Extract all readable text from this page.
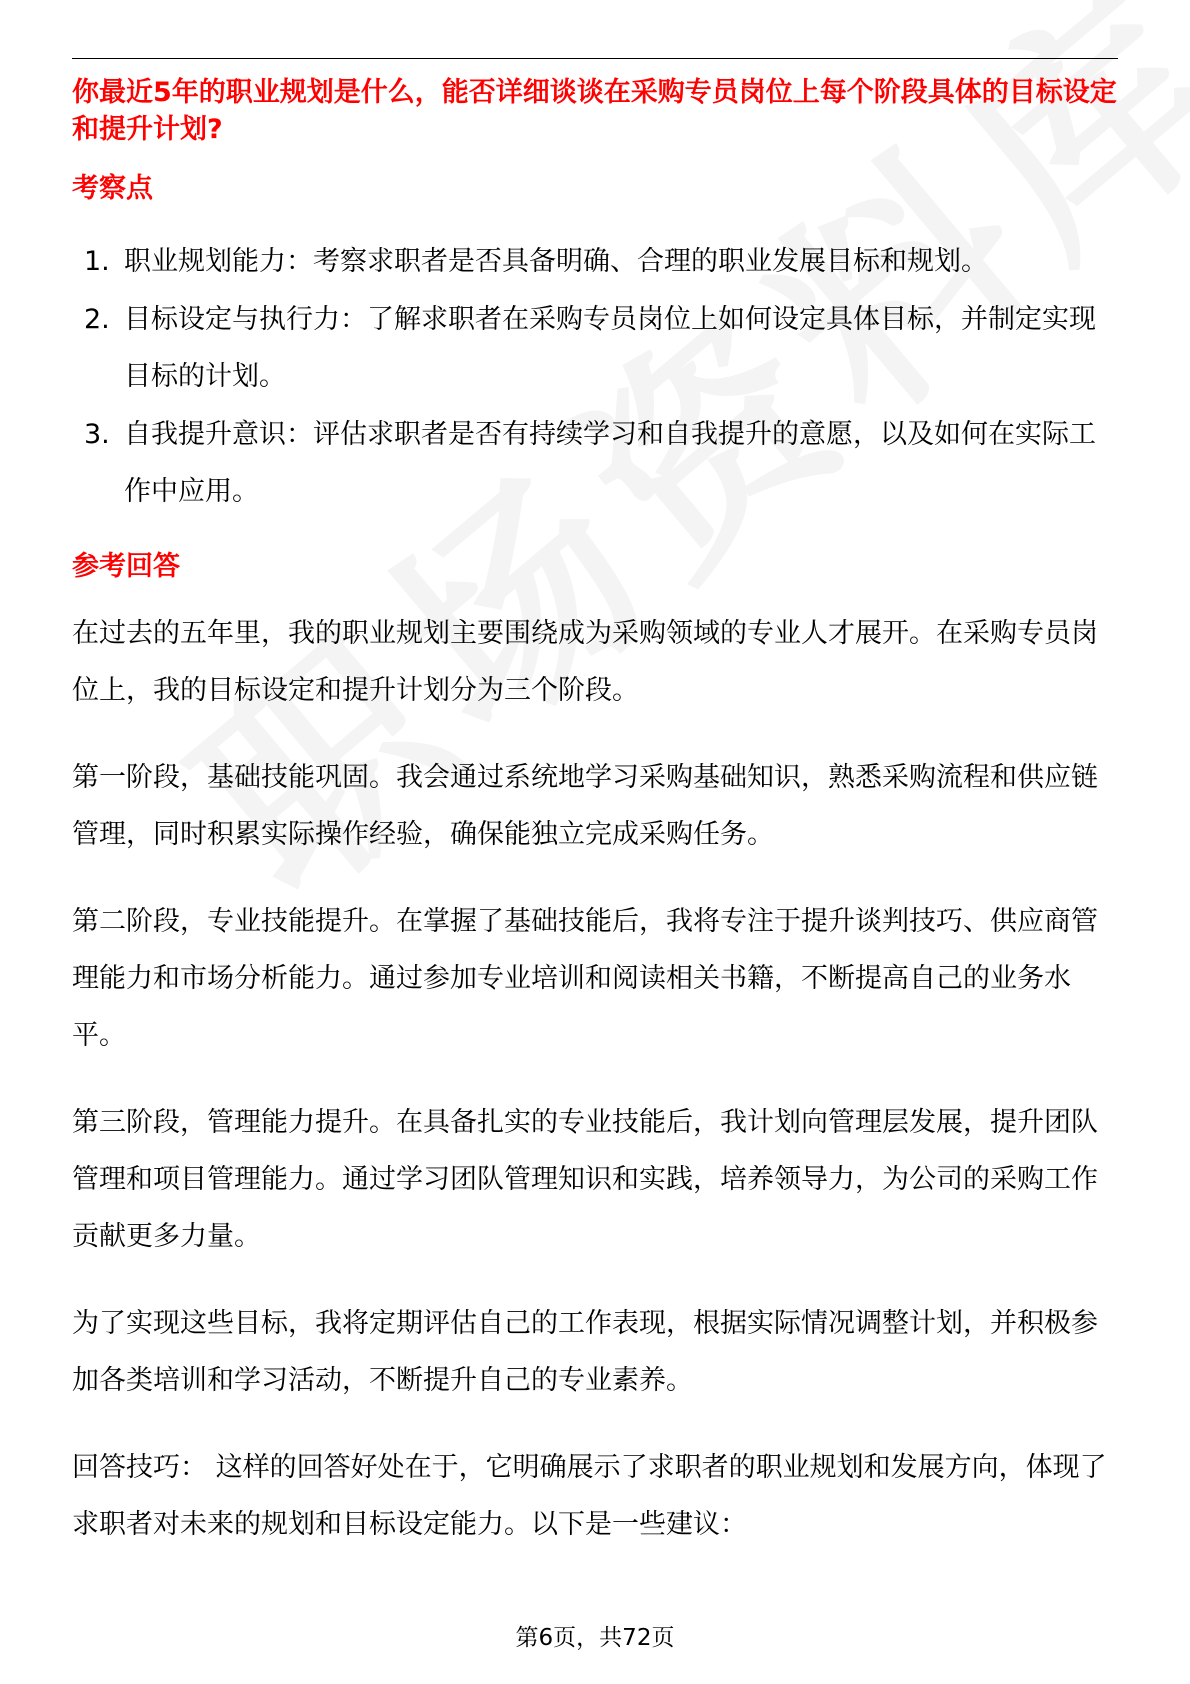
你最近5年的职业规划是什么，能否详细谈谈在采购专员岗位上每个阶段具体的目标设定和提升计划?

考察点

1. 职业规划能力：考察求职者是否具备明确、合理的职业发展目标和规划。
2. 目标设定与执行力：了解求职者在采购专员岗位上如何设定具体目标，并制定实现目标的计划。
3. 自我提升意识：评估求职者是否有持续学习和自我提升的意愿，以及如何在实际工作中应用。

参考回答

在过去的五年里，我的职业规划主要围绕成为采购领域的专业人才展开。在采购专员岗位上，我的目标设定和提升计划分为三个阶段。

第一阶段，基础技能巩固。我会通过系统地学习采购基础知识，熟悉采购流程和供应链管理，同时积累实际操作经验，确保能独立完成采购任务。

第二阶段，专业技能提升。在掌握了基础技能后，我将专注于提升谈判技巧、供应商管理能力和市场分析能力。通过参加专业培训和阅读相关书籍，不断提高自己的业务水平。

第三阶段，管理能力提升。在具备扎实的专业技能后，我计划向管理层发展，提升团队管理和项目管理能力。通过学习团队管理知识和实践，培养领导力，为公司的采购工作贡献更多力量。

为了实现这些目标，我将定期评估自己的工作表现，根据实际情况调整计划，并积极参加各类培训和学习活动，不断提升自己的专业素养。

回答技巧： 这样的回答好处在于，它明确展示了求职者的职业规划和发展方向，体现了求职者对未来的规划和目标设定能力。以下是一些建议：

第6页，共72页
